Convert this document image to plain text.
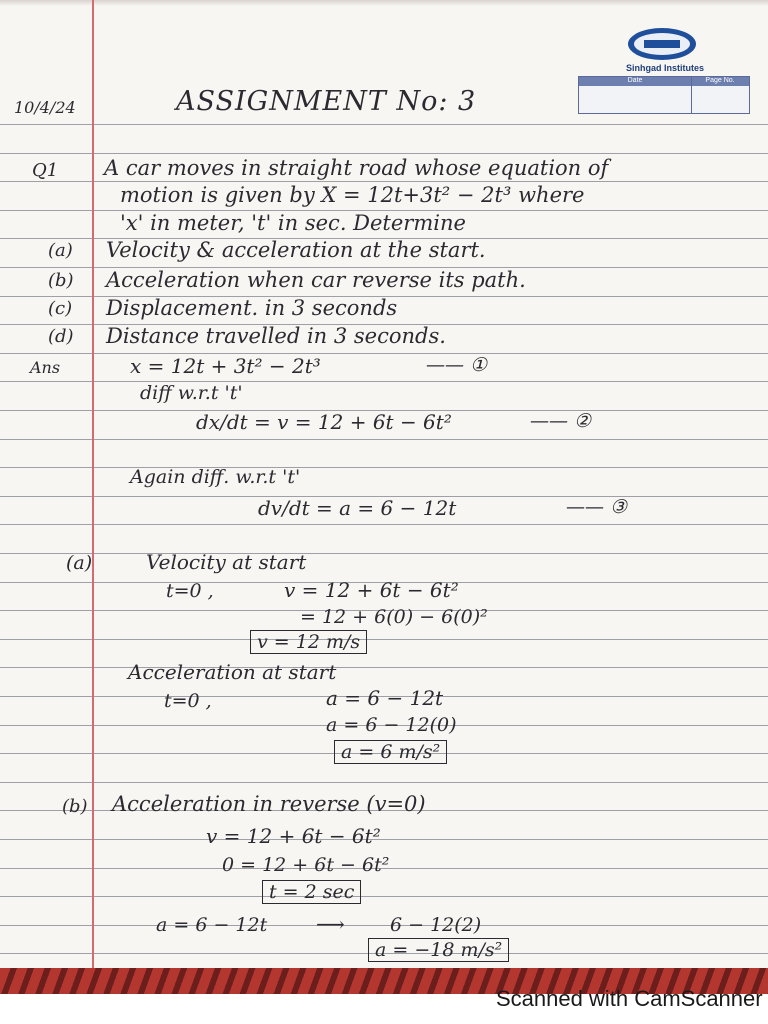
Sinhgad Institutes
Date	Page No.
10/4/24	ASSIGNMENT No: 3
Q1 A car moves in straight road whose equation of
motion is given by X = 12t+3t² − 2t³ where
'x' in meter, 't' in sec. Determine
(a) Velocity & acceleration at the start.
(b) Acceleration when car reverse its path.
(c) Displacement. in 3 seconds
(d) Distance travelled in 3 seconds.
Ans	x = 12t + 3t² − 2t³	—— ①
diff w.r.t 't'
dx/dt = v = 12 + 6t − 6t²	—— ②
Again diff. w.r.t 't'
dv/dt = a = 6 − 12t	—— ③
(a)	Velocity at start
t=0 ,	v = 12 + 6t − 6t²
= 12 + 6(0) − 6(0)²
v = 12 m/s
Acceleration at start
t=0 ,	a = 6 − 12t
a = 6 − 12(0)
a = 6 m/s²
(b) Acceleration in reverse (v=0)
v = 12 + 6t − 6t²
0 = 12 + 6t − 6t²
t = 2 sec
a = 6 − 12t ⟶ 6 − 12(2)
a = −18 m/s²
Scanned with CamScanner
